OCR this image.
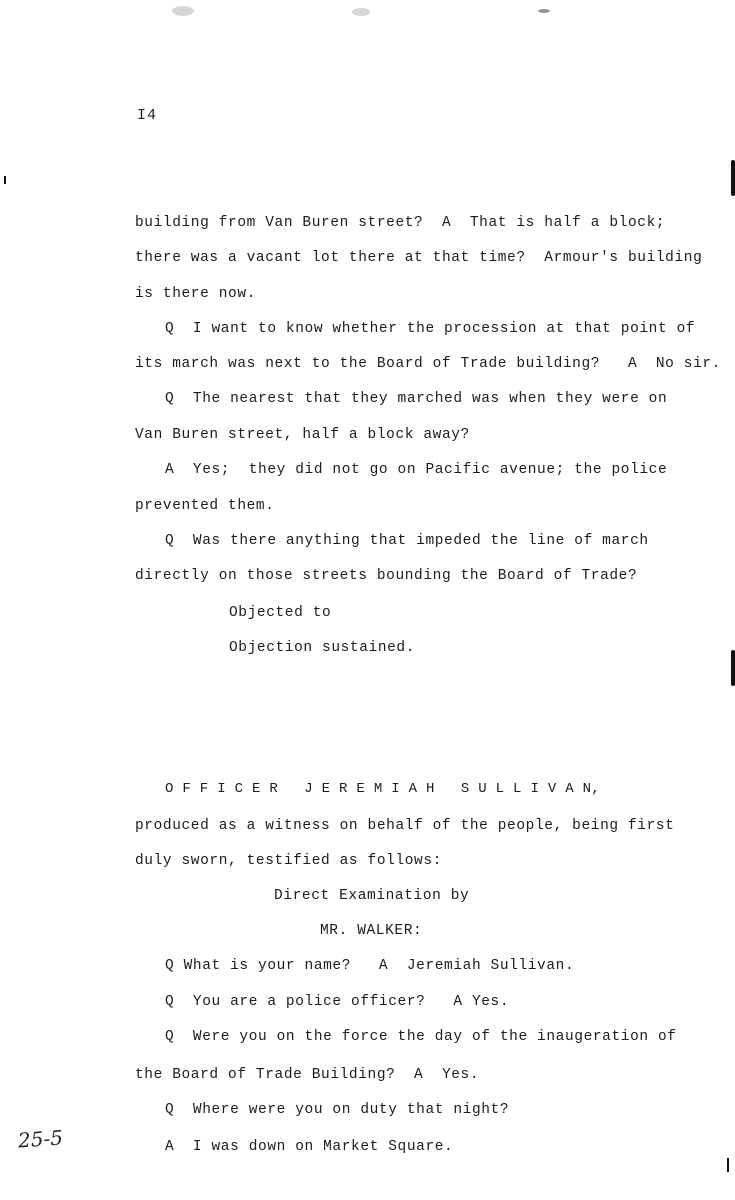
I4
building from Van Buren street?  A  That is half a block;
there was a vacant lot there at that time?  Armour's building
is there now.
Q  I want to know whether the procession at that point of
its march was next to the Board of Trade building?   A  No sir.
Q  The nearest that they marched was when they were on
Van Buren street, half a block away?
A  Yes;  they did not go on Pacific avenue; the police
prevented them.
Q  Was there anything that impeded the line of march
directly on those streets bounding the Board of Trade?
Objected to
Objection sustained.
O F F I C E R   J E R E M I A H   S U L L I V A N,
produced as a witness on behalf of the people, being first
duly sworn, testified as follows:
Direct Examination by
MR. WALKER:
Q What is your name?   A  Jeremiah Sullivan.
Q  You are a police officer?   A Yes.
Q  Were you on the force the day of the inaugeration of
the Board of Trade Building?  A  Yes.
Q  Where were you on duty that night?
A  I was down on Market Square.
25-5
